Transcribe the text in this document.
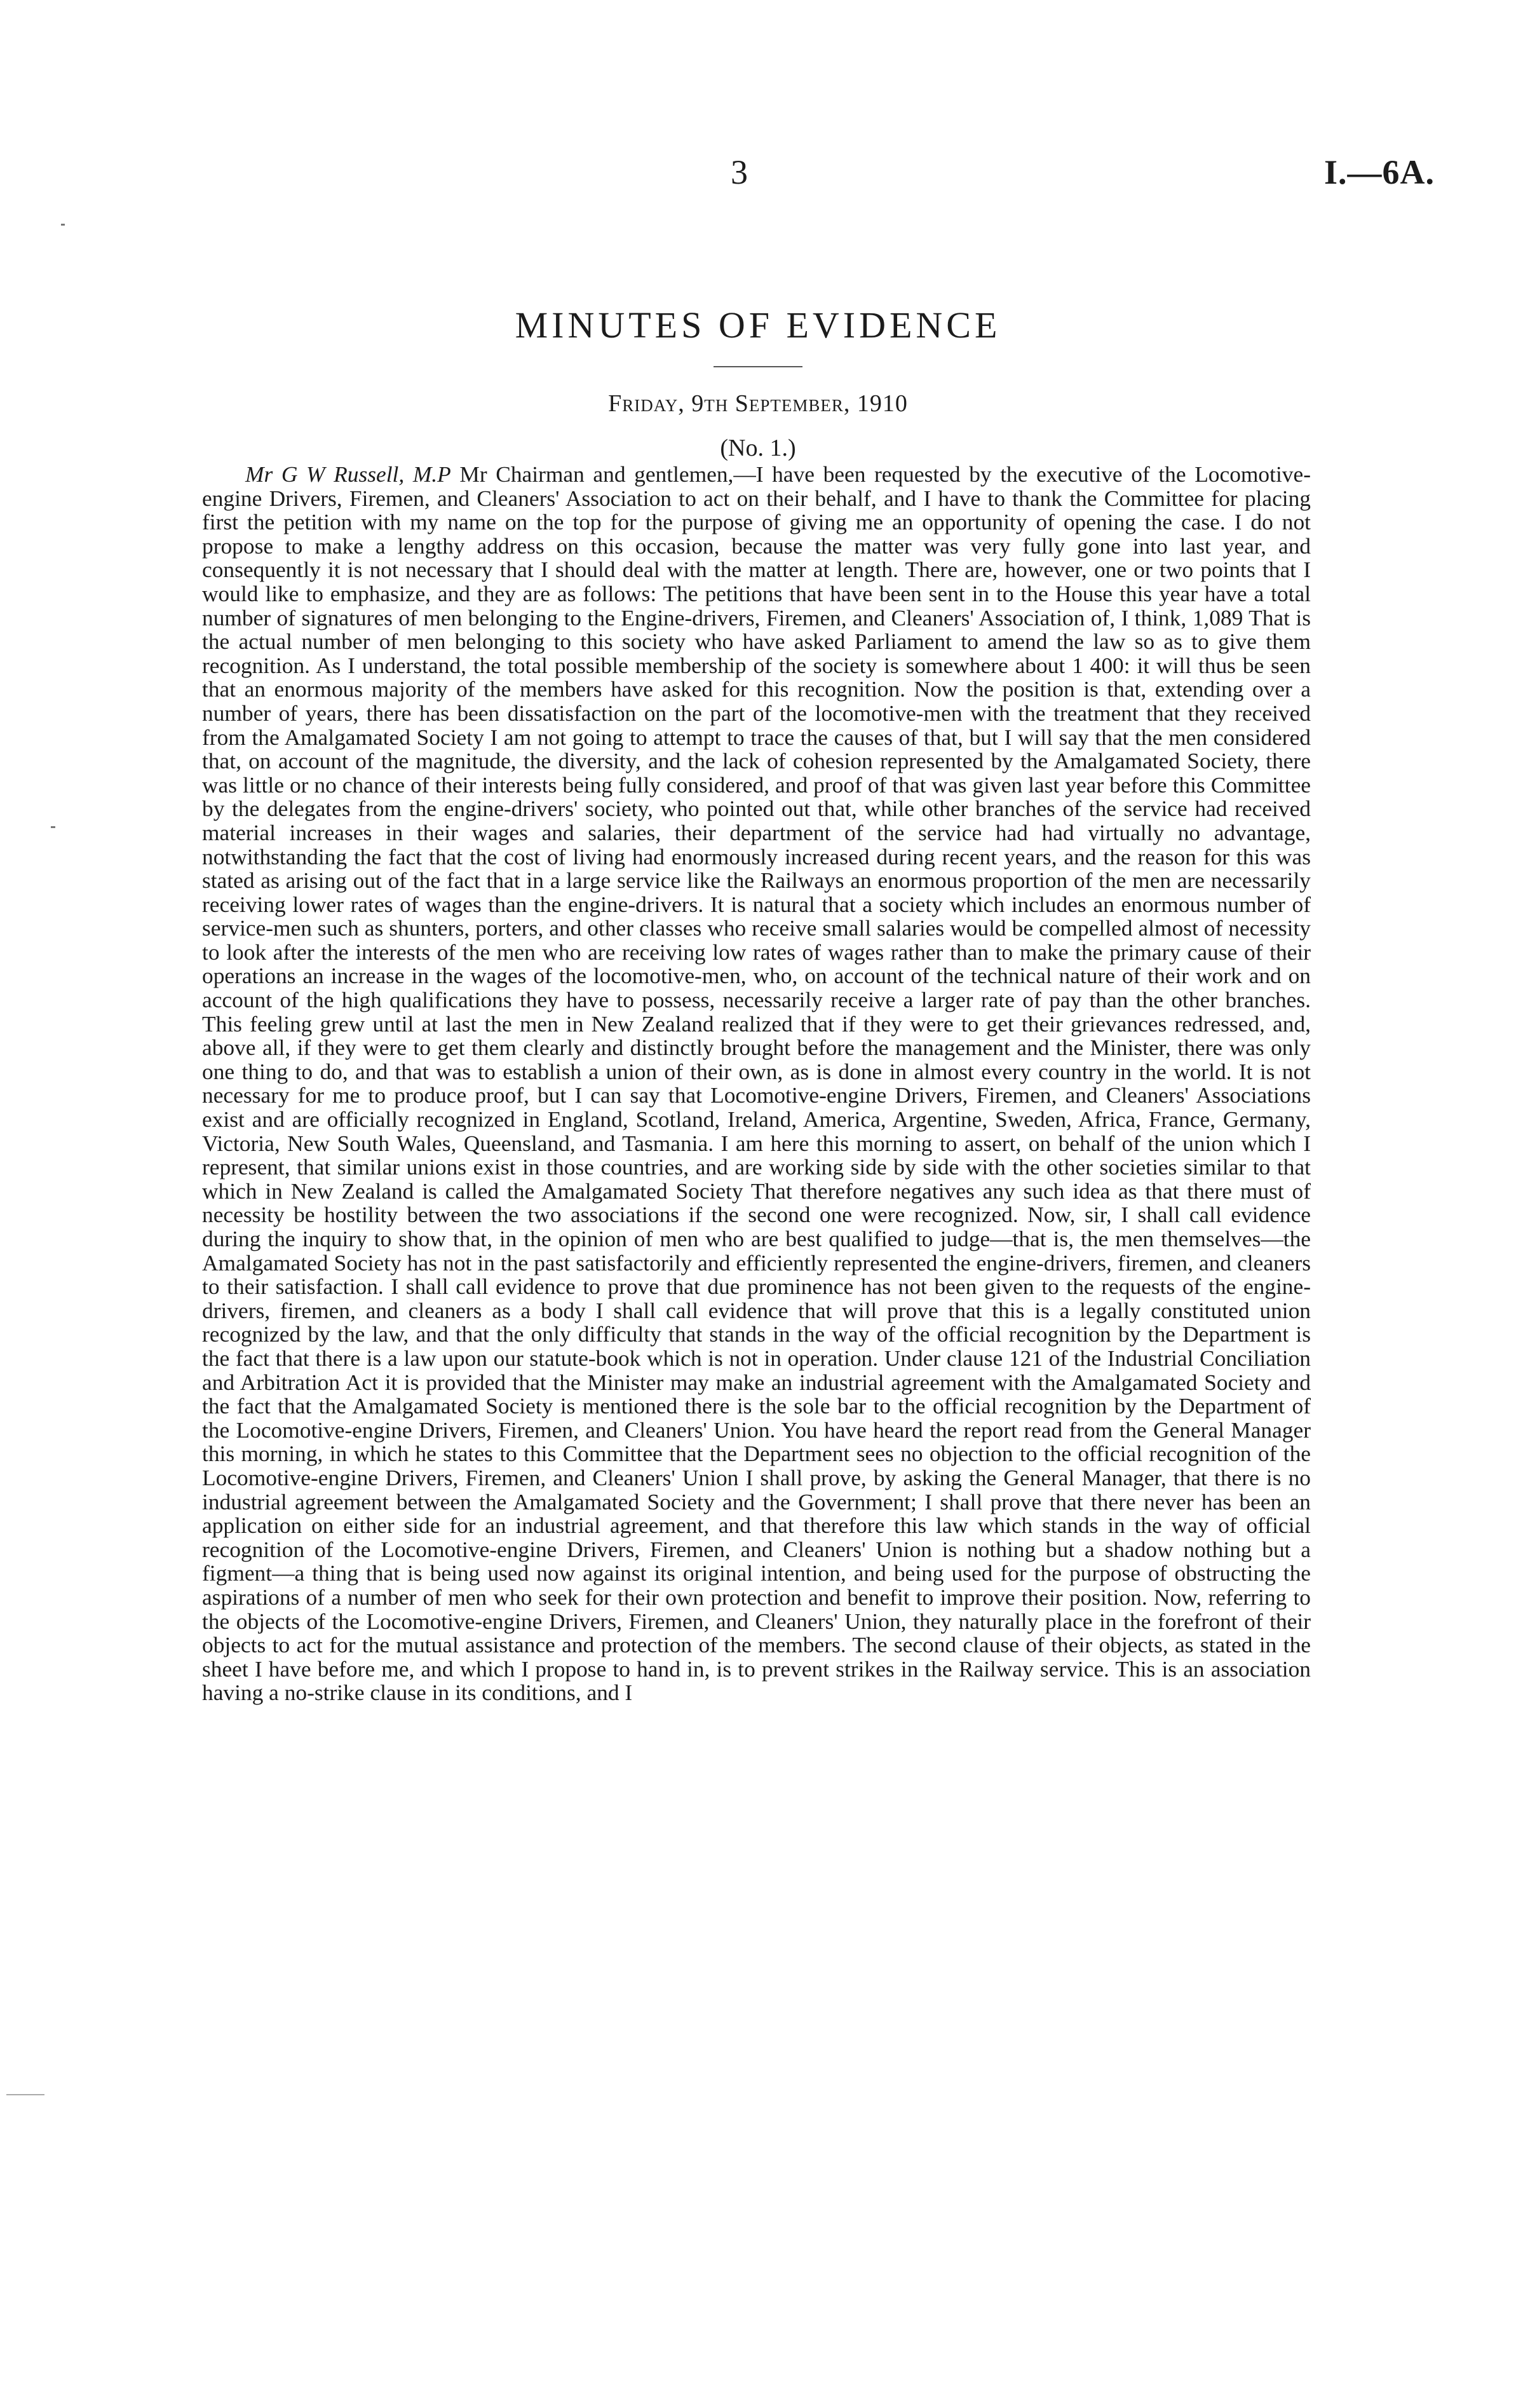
3	I.—6A.
MINUTES OF EVIDENCE
Friday, 9th September, 1910
(No. 1.)

Mr G W Russell, M.P Mr Chairman and gentlemen,—I have been requested by the executive of the Locomotive-engine Drivers, Firemen, and Cleaners' Association to act on their behalf, and I have to thank the Committee for placing first the petition with my name on the top for the purpose of giving me an opportunity of opening the case. I do not propose to make a lengthy address on this occasion, because the matter was very fully gone into last year, and consequently it is not necessary that I should deal with the matter at length. There are, however, one or two points that I would like to emphasize, and they are as follows: The petitions that have been sent in to the House this year have a total number of signatures of men belonging to the Engine-drivers, Firemen, and Cleaners' Association of, I think, 1,089 That is the actual number of men belonging to this society who have asked Parliament to amend the law so as to give them recognition. As I understand, the total possible membership of the society is somewhere about 1 400: it will thus be seen that an enormous majority of the members have asked for this recognition. Now the position is that, extending over a number of years, there has been dissatisfaction on the part of the locomotive-men with the treatment that they received from the Amalgamated Society I am not going to attempt to trace the causes of that, but I will say that the men considered that, on account of the magnitude, the diversity, and the lack of cohesion represented by the Amalgamated Society, there was little or no chance of their interests being fully considered, and proof of that was given last year before this Committee by the delegates from the engine-drivers' society, who pointed out that, while other branches of the service had received material increases in their wages and salaries, their department of the service had had virtually no advantage, notwithstanding the fact that the cost of living had enormously increased during recent years, and the reason for this was stated as arising out of the fact that in a large service like the Railways an enormous proportion of the men are necessarily receiving lower rates of wages than the engine-drivers. It is natural that a society which includes an enormous number of service-men such as shunters, porters, and other classes who receive small salaries would be compelled almost of necessity to look after the interests of the men who are receiving low rates of wages rather than to make the primary cause of their operations an increase in the wages of the locomotive-men, who, on account of the technical nature of their work and on account of the high qualifications they have to possess, necessarily receive a larger rate of pay than the other branches. This feeling grew until at last the men in New Zealand realized that if they were to get their grievances redressed, and, above all, if they were to get them clearly and distinctly brought before the management and the Minister, there was only one thing to do, and that was to establish a union of their own, as is done in almost every country in the world. It is not necessary for me to produce proof, but I can say that Locomotive-engine Drivers, Firemen, and Cleaners' Associations exist and are officially recognized in England, Scotland, Ireland, America, Argentine, Sweden, Africa, France, Germany, Victoria, New South Wales, Queensland, and Tasmania. I am here this morning to assert, on behalf of the union which I represent, that similar unions exist in those countries, and are working side by side with the other societies similar to that which in New Zealand is called the Amalgamated Society That therefore negatives any such idea as that there must of necessity be hostility between the two associations if the second one were recognized. Now, sir, I shall call evidence during the inquiry to show that, in the opinion of men who are best qualified to judge—that is, the men themselves—the Amalgamated Society has not in the past satisfactorily and efficiently represented the engine-drivers, firemen, and cleaners to their satisfaction. I shall call evidence to prove that due prominence has not been given to the requests of the engine-drivers, firemen, and cleaners as a body I shall call evidence that will prove that this is a legally constituted union recognized by the law, and that the only difficulty that stands in the way of the official recognition by the Department is the fact that there is a law upon our statute-book which is not in operation. Under clause 121 of the Industrial Conciliation and Arbitration Act it is provided that the Minister may make an industrial agreement with the Amalgamated Society and the fact that the Amalgamated Society is mentioned there is the sole bar to the official recognition by the Department of the Locomotive-engine Drivers, Firemen, and Cleaners' Union. You have heard the report read from the General Manager this morning, in which he states to this Committee that the Department sees no objection to the official recognition of the Locomotive-engine Drivers, Firemen, and Cleaners' Union I shall prove, by asking the General Manager, that there is no industrial agreement between the Amalgamated Society and the Government; I shall prove that there never has been an application on either side for an industrial agreement, and that therefore this law which stands in the way of official recognition of the Locomotive-engine Drivers, Firemen, and Cleaners' Union is nothing but a shadow nothing but a figment—a thing that is being used now against its original intention, and being used for the purpose of obstructing the aspirations of a number of men who seek for their own protection and benefit to improve their position. Now, referring to the objects of the Locomotive-engine Drivers, Firemen, and Cleaners' Union, they naturally place in the forefront of their objects to act for the mutual assistance and protection of the members. The second clause of their objects, as stated in the sheet I have before me, and which I propose to hand in, is to prevent strikes in the Railway service. This is an association having a no-strike clause in its conditions, and I
